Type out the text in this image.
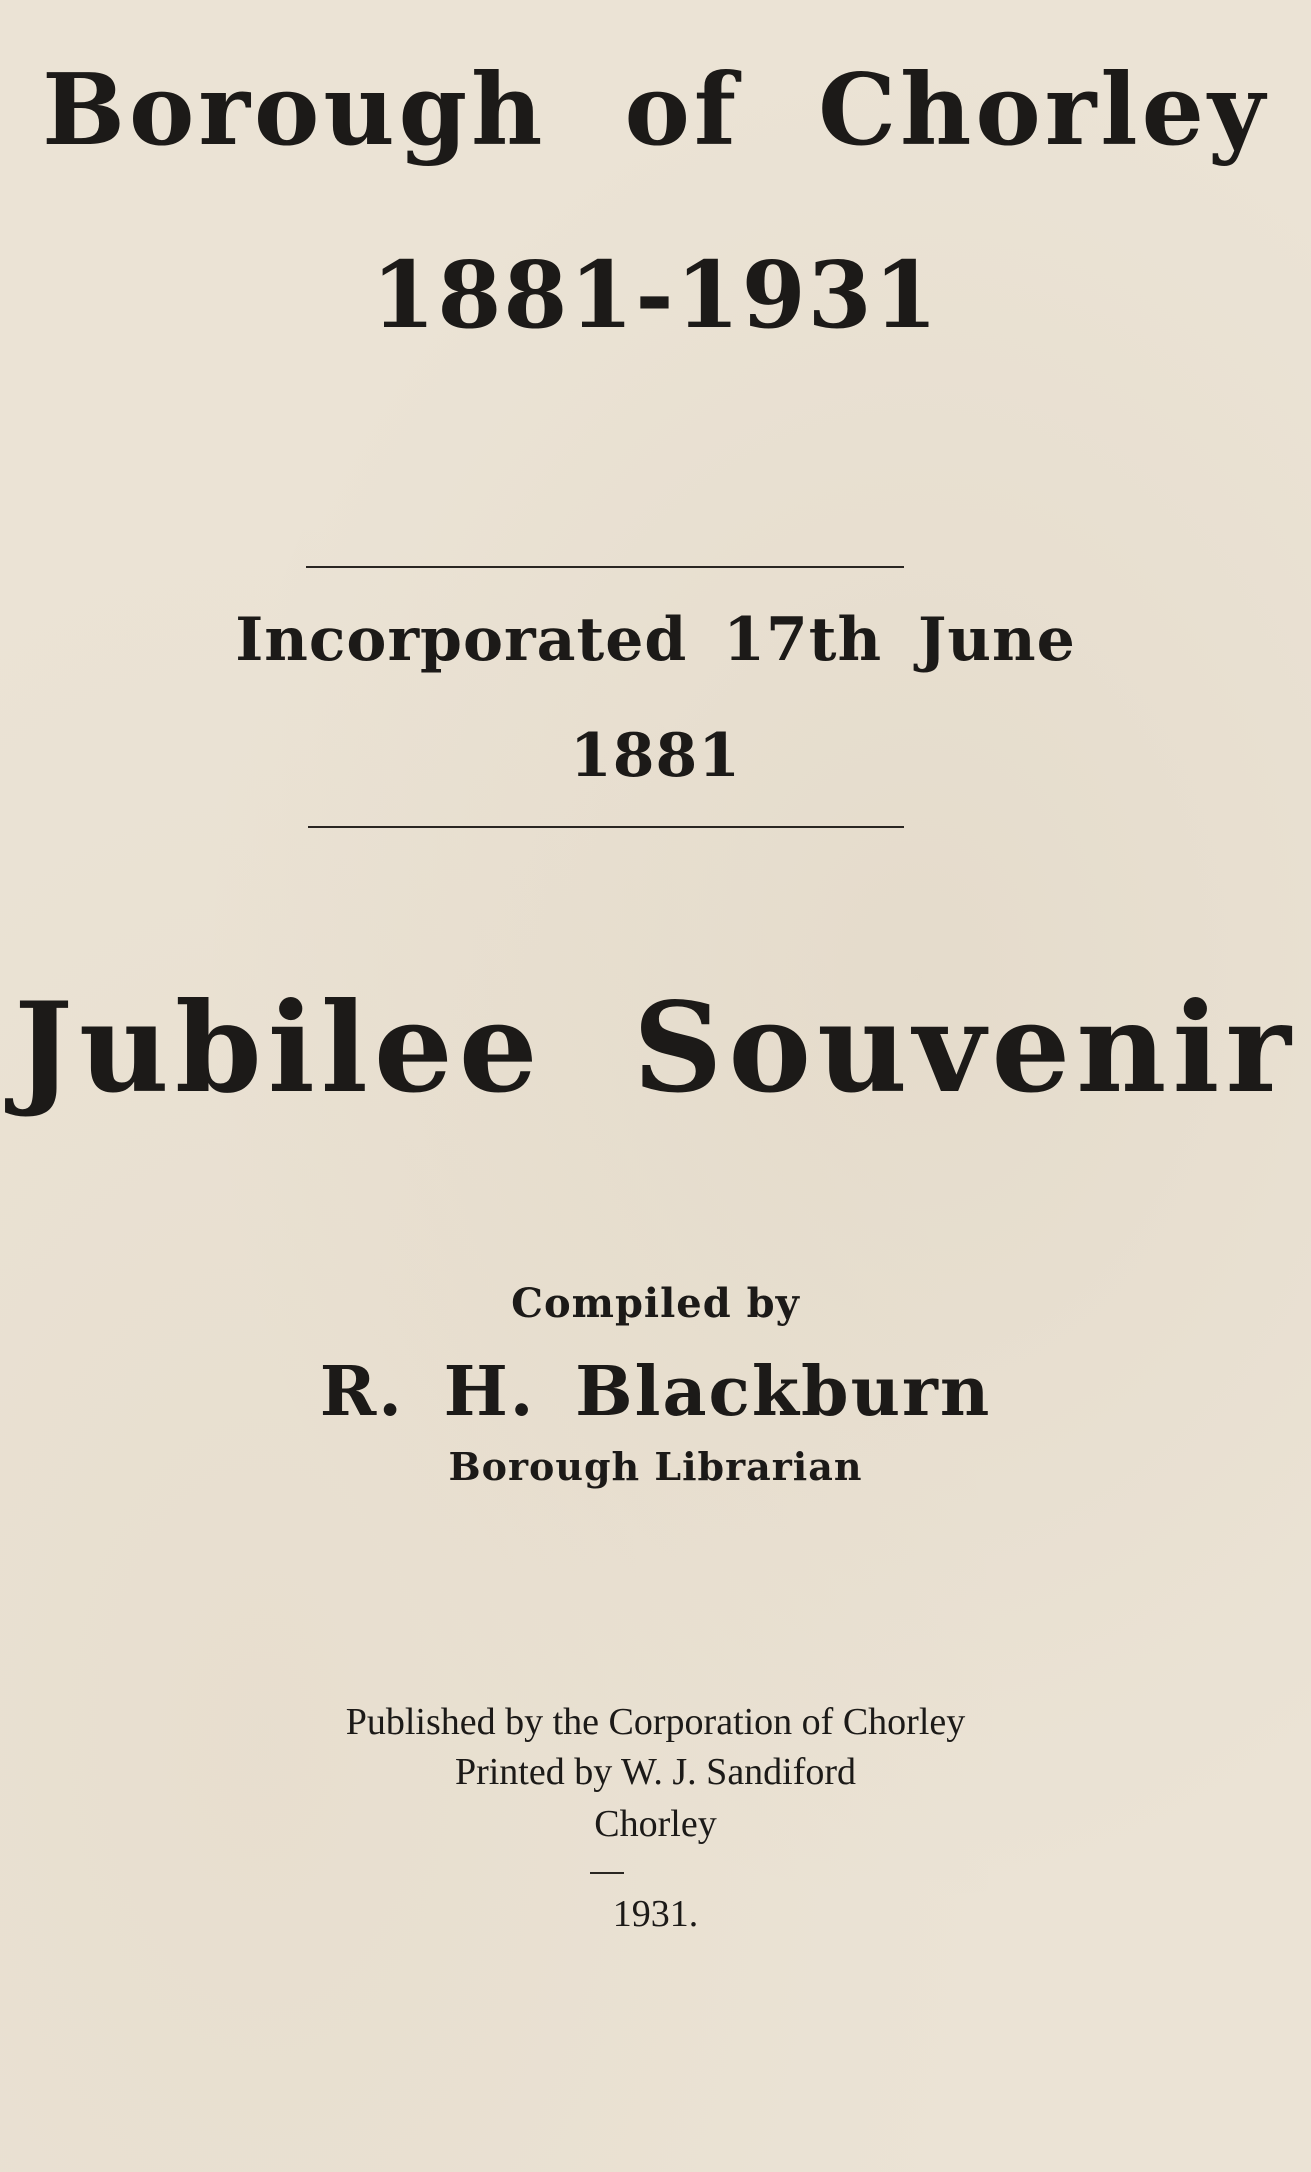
Borough of Chorley
1881-1931
Incorporated 17th June
1881
Jubilee Souvenir
Compiled by
R. H. Blackburn
Borough Librarian
Published by the Corporation of Chorley
Printed by W. J. Sandiford
Chorley
1931.
